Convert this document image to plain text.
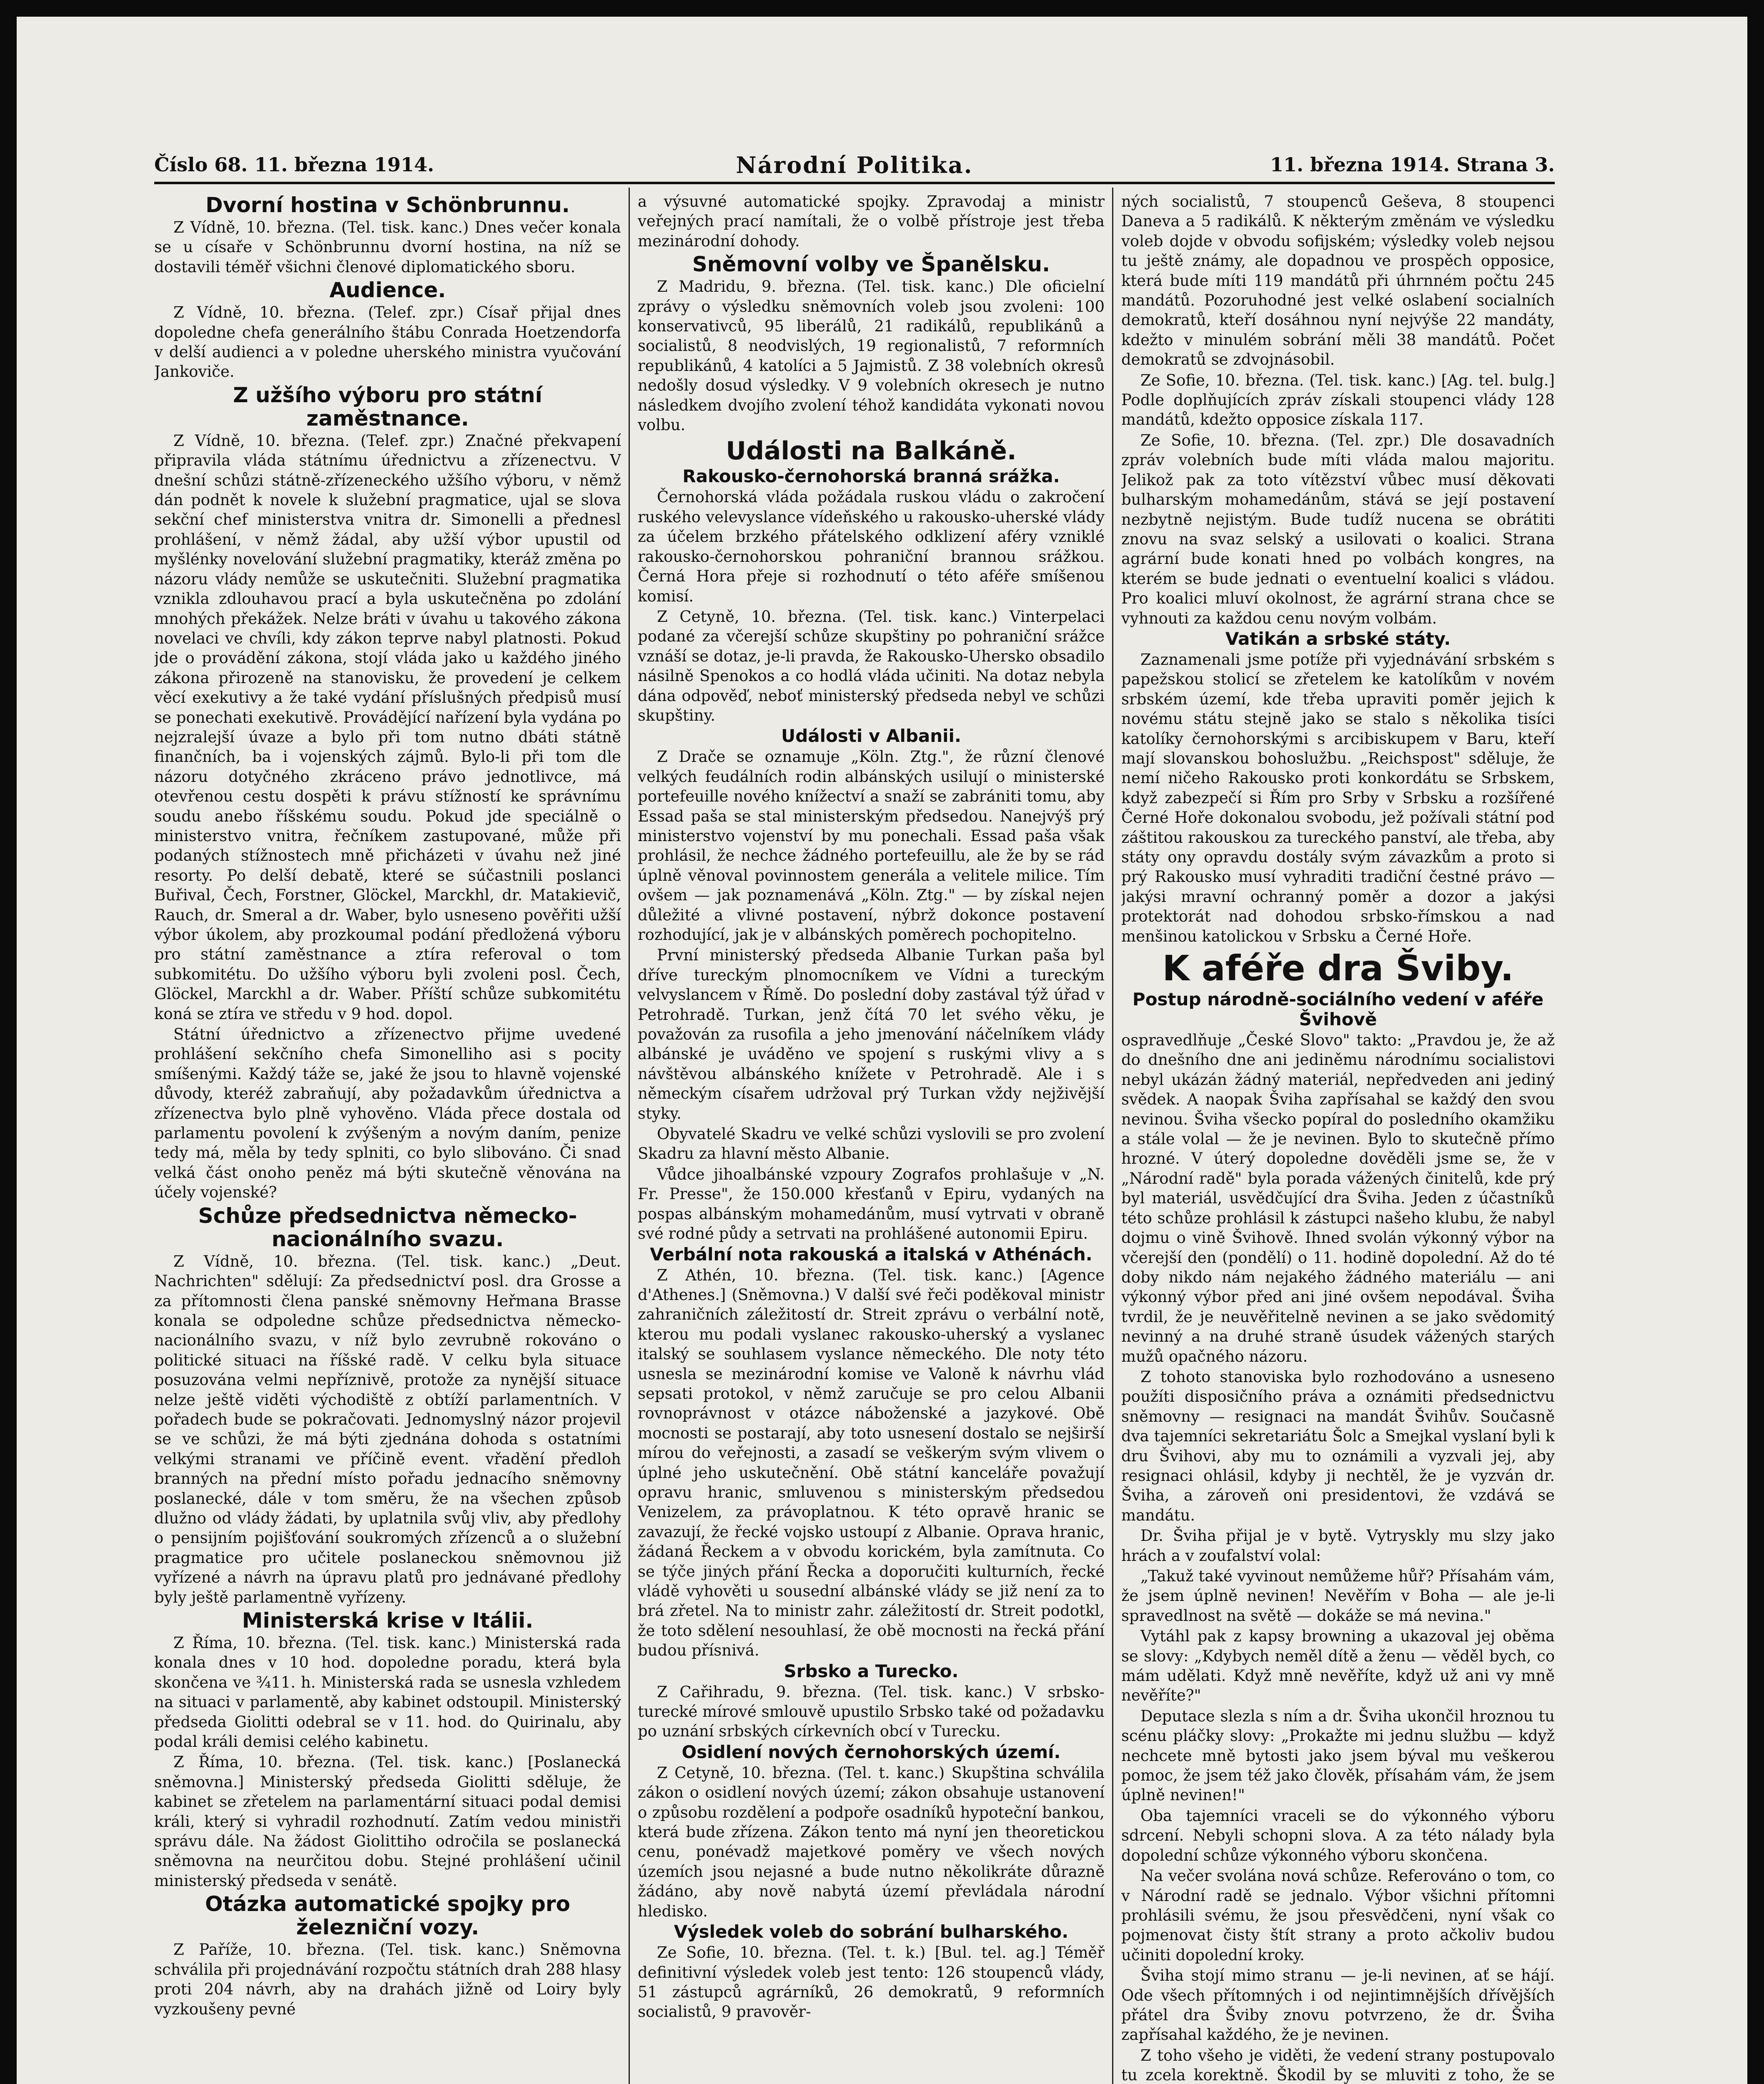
Číslo 68. 11. března 1914.	Národní Politika.	11. března 1914. Strana 3.
Dvorní hostina v Schönbrunnu.

Z Vídně, 10. března. (Tel. tisk. kanc.) Dnes večer konala se u císaře v Schönbrunnu dvorní hostina, na níž se dostavili téměř všichni členové diplomatického sboru.

Audience.

Z Vídně, 10. března. (Telef. zpr.) Císař přijal dnes dopoledne chefa generálního štábu Conrada Hoetzendorfa v delší audienci a v poledne uherského ministra vyučování Jankoviče.

Z užšího výboru pro státní zaměstnance.

Z Vídně, 10. března. (Telef. zpr.) Značné překvapení připravila vláda státnímu úřednictvu a zřízenectvu. V dnešní schůzi státně-zřízeneckého užšího výboru, v němž dán podnět k novele k služební pragmatice, ujal se slova sekční chef ministerstva vnitra dr. Simonelli a přednesl prohlášení, v němž žádal, aby užší výbor upustil od myšlénky novelování služební pragmatiky, kteráž změna po názoru vlády nemůže se uskutečniti. Služební pragmatika vznikla zdlouhavou prací a byla uskutečněna po zdolání mnohých překážek. Nelze bráti v úvahu u takového zákona novelaci ve chvíli, kdy zákon teprve nabyl platnosti. Pokud jde o provádění zákona, stojí vláda jako u každého jiného zákona přirozeně na stanovisku, že provedení je celkem věcí exekutivy a že také vydání příslušných předpisů musí se ponechati exekutivě. Provádějící nařízení byla vydána po nejzralejší úvaze a bylo při tom nutno dbáti státně finančních, ba i vojenských zájmů. Bylo-li při tom dle názoru dotyčného zkráceno právo jednotlivce, má otevřenou cestu dospěti k právu stížností ke správnímu soudu anebo říšskému soudu. Pokud jde speciálně o ministerstvo vnitra, řečníkem zastupované, může při podaných stížnostech mně přicházeti v úvahu než jiné resorty. Po delší debatě, které se súčastnili poslanci Buřival, Čech, Forstner, Glöckel, Marckhl, dr. Matakievič, Rauch, dr. Smeral a dr. Waber, bylo usneseno pověřiti užší výbor úkolem, aby prozkoumal podání předložená výboru pro státní zaměstnance a ztíra referoval o tom subkomitétu. Do užšího výboru byli zvoleni posl. Čech, Glöckel, Marckhl a dr. Waber. Příští schůze subkomitétu koná se ztíra ve středu v 9 hod. dopol.

Státní úřednictvo a zřízenectvo přijme uvedené prohlášení sekčního chefa Simonelliho asi s pocity smíšenými. Každý táže se, jaké že jsou to hlavně vojenské důvody, kteréž zabraňují, aby požadavkům úřednictva a zřízenectva bylo plně vyhověno. Vláda přece dostala od parlamentu povolení k zvýšeným a novým daním, penize tedy má, měla by tedy splniti, co bylo slibováno. Či snad velká část onoho peněz má býti skutečně věnována na účely vojenské?

Schůze předsednictva německo-nacionálního svazu.

Z Vídně, 10. března. (Tel. tisk. kanc.) „Deut. Nachrichten" sdělují: Za předsednictví posl. dra Grosse a za přítomnosti člena panské sněmovny Heřmana Brasse konala se odpoledne schůze předsednictva německo-nacionálního svazu, v níž bylo zevrubně rokováno o politické situaci na říšské radě. V celku byla situace posuzována velmi nepříznivě, protože za nynější situace nelze ještě viděti východiště z obtíží parlamentních. V pořadech bude se pokračovati. Jednomyslný názor projevil se ve schůzi, že má býti zjednána dohoda s ostatními velkými stranami ve příčině event. vřadění předloh branných na přední místo pořadu jednacího sněmovny poslanecké, dále v tom směru, že na všechen způsob dlužno od vlády žádati, by uplatnila svůj vliv, aby předlohy o pensijním pojišťování soukromých zřízenců a o služební pragmatice pro učitele poslaneckou sněmovnou již vyřízené a návrh na úpravu platů pro jednávané předlohy byly ještě parlamentně vyřízeny.

Ministerská krise v Itálii.

Z Říma, 10. března. (Tel. tisk. kanc.) Ministerská rada konala dnes v 10 hod. dopoledne poradu, která byla skončena ve ¾11. h. Ministerská rada se usnesla vzhledem na situaci v parlamentě, aby kabinet odstoupil. Ministerský předseda Giolitti odebral se v 11. hod. do Quirinalu, aby podal králi demisi celého kabinetu.

Z Říma, 10. března. (Tel. tisk. kanc.) [Poslanecká sněmovna.] Ministerský předseda Giolitti sděluje, že kabinet se zřetelem na parlamentární situaci podal demisi králi, který si vyhradil rozhodnutí. Zatím vedou ministři správu dále. Na žádost Giolittiho odročila se poslanecká sněmovna na neurčitou dobu. Stejné prohlášení učinil ministerský předseda v senátě.

Otázka automatické spojky pro železniční vozy.

Z Paříže, 10. března. (Tel. tisk. kanc.) Sněmovna schválila při projednávání rozpočtu státních drah 288 hlasy proti 204 návrh, aby na drahách jižně od Loiry byly vyzkoušeny pevné

a výsuvné automatické spojky. Zpravodaj a ministr veřejných prací namítali, že o volbě přístroje jest třeba mezinárodní dohody.

Sněmovní volby ve Španělsku.

Z Madridu, 9. března. (Tel. tisk. kanc.) Dle oficielní zprávy o výsledku sněmovních voleb jsou zvoleni: 100 konservativců, 95 liberálů, 21 radikálů, republikánů a socialistů, 8 neodvislých, 19 regionalistů, 7 reformních republikánů, 4 katolíci a 5 Jajmistů. Z 38 volebních okresů nedošly dosud výsledky. V 9 volebních okresech je nutno následkem dvojího zvolení téhož kandidáta vykonati novou volbu.

Události na Balkáně.
Rakousko-černohorská branná srážka.

Černohorská vláda požádala ruskou vládu o zakročení ruského velevyslance vídeňského u rakousko-uherské vlády za účelem brzkého přátelského odklizení aféry vzniklé rakousko-černohorskou pohraniční brannou srážkou. Černá Hora přeje si rozhodnutí o této aféře smíšenou komisí.

Z Cetyně, 10. března. (Tel. tisk. kanc.) Vinterpelaci podané za včerejší schůze skupštiny po pohraniční srážce vznáší se dotaz, je-li pravda, že Rakousko-Uhersko obsadilo násilně Spenokos a co hodlá vláda učiniti. Na dotaz nebyla dána odpověď, neboť ministerský předseda nebyl ve schůzi skupštiny.

Události v Albanii.

Z Drače se oznamuje „Köln. Ztg.", že různí členové velkých feudálních rodin albánských usilují o ministerské portefeuille nového knížectví a snaží se zabrániti tomu, aby Essad paša se stal ministerským předsedou. Nanejvýš prý ministerstvo vojenství by mu ponechali. Essad paša však prohlásil, že nechce žádného portefeuillu, ale že by se rád úplně věnoval povinnostem generála a velitele milice. Tím ovšem — jak poznamenává „Köln. Ztg." — by získal nejen důležité a vlivné postavení, nýbrž dokonce postavení rozhodující, jak je v albánských poměrech pochopitelno.

První ministerský předseda Albanie Turkan paša byl dříve tureckým plnomocníkem ve Vídni a tureckým velvyslancem v Římě. Do poslední doby zastával týž úřad v Petrohradě. Turkan, jenž čítá 70 let svého věku, je považován za rusofila a jeho jmenování náčelníkem vlády albánské je uváděno ve spojení s ruskými vlivy a s návštěvou albánského knížete v Petrohradě. Ale i s německým císařem udržoval prý Turkan vždy nejživější styky.

Obyvatelé Skadru ve velké schůzi vyslovili se pro zvolení Skadru za hlavní město Albanie.

Vůdce jihoalbánské vzpoury Zografos prohlašuje v „N. Fr. Presse", že 150.000 křesťanů v Epiru, vydaných na pospas albánským mohamedánům, musí vytrvati v obraně své rodné půdy a setrvati na prohlášené autonomii Epiru.

Verbální nota rakouská a italská v Athénách.

Z Athén, 10. března. (Tel. tisk. kanc.) [Agence d'Athenes.] (Sněmovna.) V další své řeči poděkoval ministr zahraničních záležitostí dr. Streit zprávu o verbální notě, kterou mu podali vyslanec rakousko-uherský a vyslanec italský se souhlasem vyslance německého. Dle noty této usnesla se mezinárodní komise ve Valoně k návrhu vlád sepsati protokol, v němž zaručuje se pro celou Albanii rovnoprávnost v otázce náboženské a jazykové. Obě mocnosti se postarají, aby toto usnesení dostalo se nejširší mírou do veřejnosti, a zasadí se veškerým svým vlivem o úplné jeho uskutečnění. Obě státní kanceláře považují opravu hranic, smluvenou s ministerským předsedou Venizelem, za právoplatnou. K této opravě hranic se zavazují, že řecké vojsko ustoupí z Albanie. Oprava hranic, žádaná Řeckem a v obvodu korickém, byla zamítnuta. Co se týče jiných přání Řecka a doporučiti kulturních, řecké vládě vyhověti u sousední albánské vlády se již není za to brá zřetel. Na to ministr zahr. záležitostí dr. Streit podotkl, že toto sdělení nesouhlasí, že obě mocnosti na řecká přání budou přísnivá.

Srbsko a Turecko.

Z Cařihradu, 9. března. (Tel. tisk. kanc.) V srbsko-turecké mírové smlouvě upustilo Srbsko také od požadavku po uznání srbských církevních obcí v Turecku.

Osidlení nových černohorských území.

Z Cetyně, 10. března. (Tel. t. kanc.) Skupština schválila zákon o osidlení nových území; zákon obsahuje ustanovení o způsobu rozdělení a podpoře osadníků hypoteční bankou, která bude zřízena. Zákon tento má nyní jen theoretickou cenu, ponévadž majetkové poměry ve všech nových územích jsou nejasné a bude nutno několikráte důrazně žádáno, aby nově nabytá území převládala národní hledisko.

Výsledek voleb do sobrání bulharského.

Ze Sofie, 10. března. (Tel. t. k.) [Bul. tel. ag.] Téměř definitivní výsledek voleb jest tento: 126 stoupenců vlády, 51 zástupců agrárníků, 26 demokratů, 9 reformních socialistů, 9 pravověr-

ných socialistů, 7 stoupenců Geševa, 8 stoupenci Daneva a 5 radikálů. K některým změnám ve výsledku voleb dojde v obvodu sofijském; výsledky voleb nejsou tu ještě známy, ale dopadnou ve prospěch opposice, která bude míti 119 mandátů při úhrnném počtu 245 mandátů. Pozoruhodné jest velké oslabení socialních demokratů, kteří dosáhnou nyní nejvýše 22 mandáty, kdežto v minulém sobrání měli 38 mandátů. Počet demokratů se zdvojnásobil.

Ze Sofie, 10. března. (Tel. tisk. kanc.) [Ag. tel. bulg.] Podle doplňujících zpráv získali stoupenci vlády 128 mandátů, kdežto opposice získala 117.

Ze Sofie, 10. března. (Tel. zpr.) Dle dosavadních zpráv volebních bude míti vláda malou majoritu. Jelikož pak za toto vítězství vůbec musí děkovati bulharským mohamedánům, stává se její postavení nezbytně nejistým. Bude tudíž nucena se obrátiti znovu na svaz selský a usilovati o koalici. Strana agrární bude konati hned po volbách kongres, na kterém se bude jednati o eventuelní koalici s vládou. Pro koalici mluví okolnost, že agrární strana chce se vyhnouti za každou cenu novým volbám.

Vatikán a srbské státy.

Zaznamenali jsme potíže při vyjednávání srbském s papežskou stolicí se zřetelem ke katolíkům v novém srbském území, kde třeba upraviti poměr jejich k novému státu stejně jako se stalo s několika tisíci katolíky černohorskými s arcibiskupem v Baru, kteří mají slovanskou bohoslužbu. „Reichspost" sděluje, že nemí ničeho Rakousko proti konkordátu se Srbskem, když zabezpečí si Řím pro Srby v Srbsku a rozšířené Černé Hoře dokonalou svobodu, jež požívali státní pod záštitou rakouskou za tureckého panství, ale třeba, aby státy ony opravdu dostály svým závazkům a proto si prý Rakousko musí vyhraditi tradiční čestné právo — jakýsi mravní ochranný poměr a dozor a jakýsi protektorát nad dohodou srbsko-římskou a nad menšinou katolickou v Srbsku a Černé Hoře.

K aféře dra Šviby.
Postup národně-sociálního vedení v aféře Švihově

ospravedlňuje „České Slovo" takto: „Pravdou je, že až do dnešního dne ani jediněmu národnímu socialistovi nebyl ukázán žádný materiál, nepředveden ani jediný svědek. A naopak Šviha zapřísahal se každý den svou nevinou. Šviha všecko popíral do posledního okamžiku a stále volal — že je nevinen. Bylo to skutečně přímo hrozné. V úterý dopoledne dověděli jsme se, že v „Národní radě" byla porada vážených činitelů, kde prý byl materiál, usvědčující dra Šviha. Jeden z účastníků této schůze prohlásil k zástupci našeho klubu, že nabyl dojmu o vině Švihově. Ihned svolán výkonný výbor na včerejší den (pondělí) o 11. hodině dopolední. Až do té doby nikdo nám nejakého žádného materiálu — ani výkonný výbor před ani jiné ovšem nepodával. Šviha tvrdil, že je neuvěřitelně nevinen a se jako svědomitý nevinný a na druhé straně úsudek vážených starých mužů opačného názoru.

Z tohoto stanoviska bylo rozhodováno a usneseno použíti disposičního práva a oznámiti předsednictvu sněmovny — resignaci na mandát Švihův. Současně dva tajemníci sekretariátu Šolc a Smejkal vyslaní byli k dru Švihovi, aby mu to oznámili a vyzvali jej, aby resignaci ohlásil, kdyby ji nechtěl, že je vyzván dr. Šviha, a zároveň oni presidentovi, že vzdává se mandátu.

Dr. Šviha přijal je v bytě. Vytryskly mu slzy jako hrách a v zoufalství volal:

„Takuž také vyvinout nemůžeme hůř? Přísahám vám, že jsem úplně nevinen! Nevěřím v Boha — ale je-li spravedlnost na světě — dokáže se má nevina."

Vytáhl pak z kapsy browning a ukazoval jej oběma se slovy: „Kdybych neměl dítě a ženu — věděl bych, co mám udělati. Když mně nevěříte, když už ani vy mně nevěříte?"

Deputace slezla s ním a dr. Šviha ukončil hroznou tu scénu pláčky slovy: „Prokažte mi jednu službu — když nechcete mně bytosti jako jsem býval mu veškerou pomoc, že jsem též jako člověk, přísahám vám, že jsem úplně nevinen!"

Oba tajemníci vraceli se do výkonného výboru sdrcení. Nebyli schopni slova. A za této nálady byla dopolední schůze výkonného výboru skončena.

Na večer svolána nová schůze. Referováno o tom, co v Národní radě se jednalo. Výbor všichni přítomni prohlásili svému, že jsou přesvědčeni, nyní však co pojmenovat čisty štít strany a proto ačkoliv budou učiniti dopolední kroky.

Šviha stojí mimo stranu — je-li nevinen, ať se hájí. Ode všech přítomných i od nejintimnějších dřívějších přátel dra Šviby znovu potvrzeno, že dr. Šviha zapřísahal každého, že je nevinen.

Z toho všeho je viděti, že vedení strany postupovalo tu zcela korektně. Škodil by se mluviti z toho, že se
